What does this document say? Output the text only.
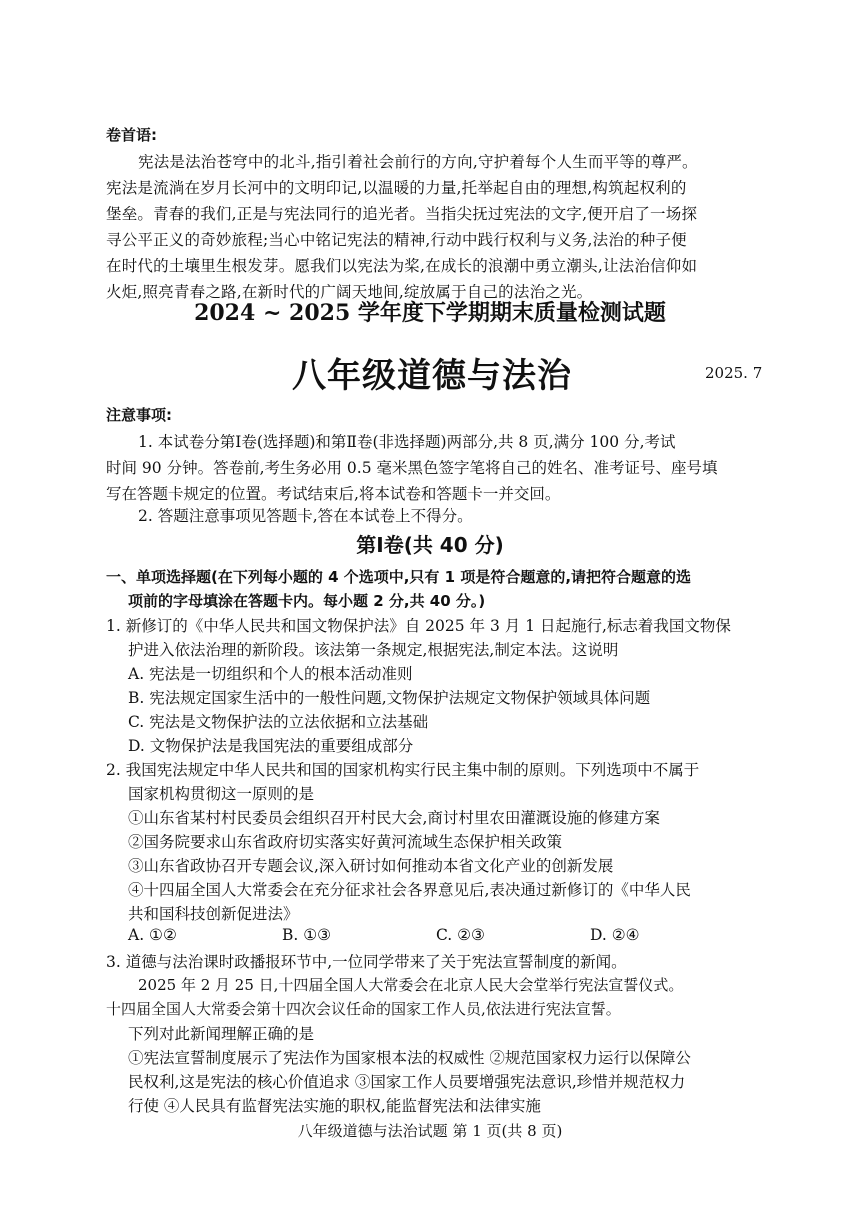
卷首语:
宪法是法治苍穹中的北斗,指引着社会前行的方向,守护着每个人生而平等的尊严。
宪法是流淌在岁月长河中的文明印记,以温暖的力量,托举起自由的理想,构筑起权利的
堡垒。青春的我们,正是与宪法同行的追光者。当指尖抚过宪法的文字,便开启了一场探
寻公平正义的奇妙旅程;当心中铭记宪法的精神,行动中践行权利与义务,法治的种子便
在时代的土壤里生根发芽。愿我们以宪法为桨,在成长的浪潮中勇立潮头,让法治信仰如
火炬,照亮青春之路,在新时代的广阔天地间,绽放属于自己的法治之光。
2024 ~ 2025 学年度下学期期末质量检测试题
八年级道德与法治	2025. 7
注意事项:
1. 本试卷分第Ⅰ卷(选择题)和第Ⅱ卷(非选择题)两部分,共 8 页,满分 100 分,考试
时间 90 分钟。答卷前,考生务必用 0.5 毫米黑色签字笔将自己的姓名、准考证号、座号填
写在答题卡规定的位置。考试结束后,将本试卷和答题卡一并交回。
2. 答题注意事项见答题卡,答在本试卷上不得分。
第Ⅰ卷(共 40 分)
一、单项选择题(在下列每小题的 4 个选项中,只有 1 项是符合题意的,请把符合题意的选
项前的字母填涂在答题卡内。每小题 2 分,共 40 分。)
1. 新修订的《中华人民共和国文物保护法》自 2025 年 3 月 1 日起施行,标志着我国文物保
护进入依法治理的新阶段。该法第一条规定,根据宪法,制定本法。这说明
A. 宪法是一切组织和个人的根本活动准则
B. 宪法规定国家生活中的一般性问题,文物保护法规定文物保护领域具体问题
C. 宪法是文物保护法的立法依据和立法基础
D. 文物保护法是我国宪法的重要组成部分
2. 我国宪法规定中华人民共和国的国家机构实行民主集中制的原则。下列选项中不属于
国家机构贯彻这一原则的是
①山东省某村村民委员会组织召开村民大会,商讨村里农田灌溉设施的修建方案
②国务院要求山东省政府切实落实好黄河流域生态保护相关政策
③山东省政协召开专题会议,深入研讨如何推动本省文化产业的创新发展
④十四届全国人大常委会在充分征求社会各界意见后,表决通过新修订的《中华人民
共和国科技创新促进法》
A. ①②	B. ①③	C. ②③	D. ②④
3. 道德与法治课时政播报环节中,一位同学带来了关于宪法宣誓制度的新闻。
2025 年 2 月 25 日,十四届全国人大常委会在北京人民大会堂举行宪法宣誓仪式。
十四届全国人大常委会第十四次会议任命的国家工作人员,依法进行宪法宣誓。
下列对此新闻理解正确的是
①宪法宣誓制度展示了宪法作为国家根本法的权威性 ②规范国家权力运行以保障公
民权利,这是宪法的核心价值追求 ③国家工作人员要增强宪法意识,珍惜并规范权力
行使 ④人民具有监督宪法实施的职权,能监督宪法和法律实施
八年级道德与法治试题 第 1 页(共 8 页)
